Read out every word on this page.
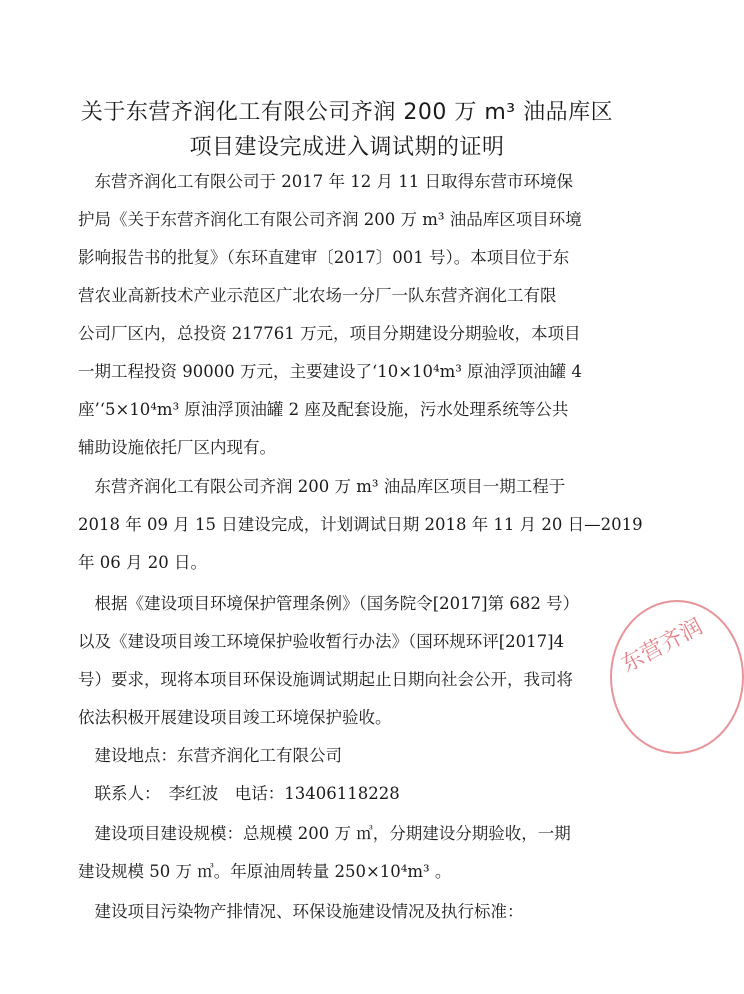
关于东营齐润化工有限公司齐润 200 万 m³ 油品库区
项目建设完成进入调试期的证明
　东营齐润化工有限公司于 2017 年 12 月 11 日取得东营市环境保
护局《关于东营齐润化工有限公司齐润 200 万 m³ 油品库区项目环境
影响报告书的批复》（东环直建审〔2017〕001 号）。本项目位于东
营农业高新技术产业示范区广北农场一分厂一队东营齐润化工有限
公司厂区内，总投资 217761 万元，项目分期建设分期验收，本项目
一期工程投资 90000 万元，主要建设了‘10×10⁴m³ 原油浮顶油罐 4
座’‘5×10⁴m³ 原油浮顶油罐 2 座及配套设施，污水处理系统等公共
辅助设施依托厂区内现有。
　东营齐润化工有限公司齐润 200 万 m³ 油品库区项目一期工程于
2018 年 09 月 15 日建设完成，计划调试日期 2018 年 11 月 20 日—2019
年 06 月 20 日。
　根据《建设项目环境保护管理条例》（国务院令[2017]第 682 号）
以及《建设项目竣工环境保护验收暂行办法》（国环规环评[2017]4
号）要求，现将本项目环保设施调试期起止日期向社会公开，我司将
依法积极开展建设项目竣工环境保护验收。
　建设地点：东营齐润化工有限公司
　联系人：　李红波　电话：13406118228
　建设项目建设规模：总规模 200 万 ㎥，分期建设分期验收，一期
建设规模 50 万 ㎥。年原油周转量 250×10⁴m³ 。
　建设项目污染物产排情况、环保设施建设情况及执行标准：
东营齐润
